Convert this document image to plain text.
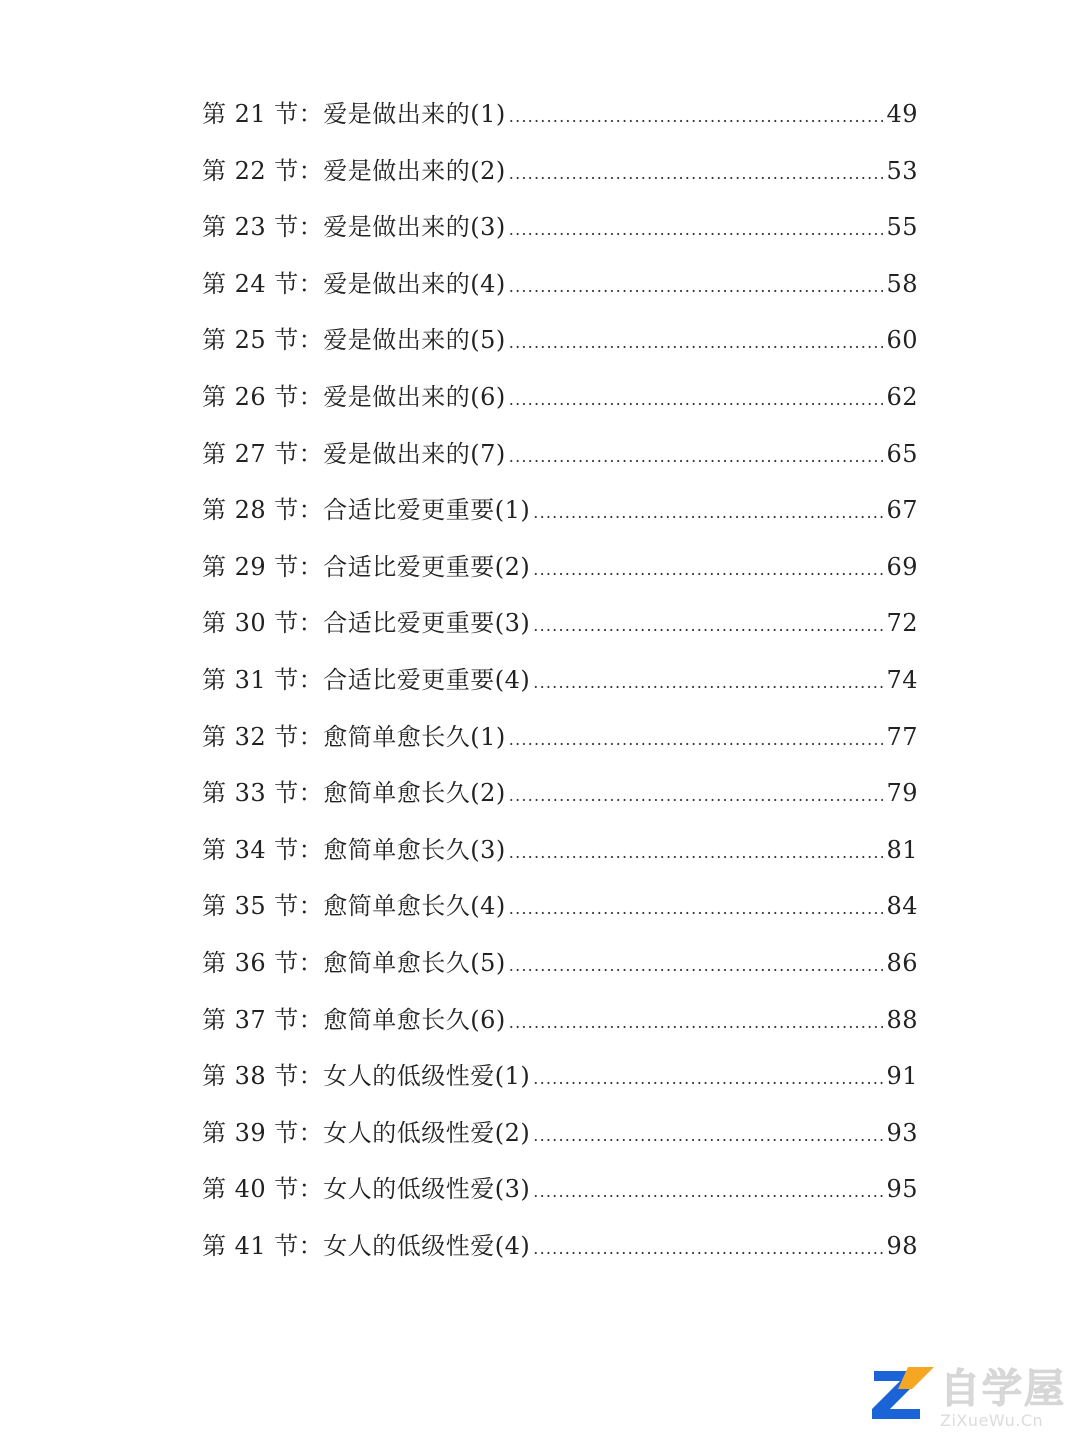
第 21 节： 爱是做出来的(1) .....	49
第 22 节： 爱是做出来的(2) .....	53
第 23 节： 爱是做出来的(3) .....	55
第 24 节： 爱是做出来的(4) .....	58
第 25 节： 爱是做出来的(5) .....	60
第 26 节： 爱是做出来的(6) .....	62
第 27 节： 爱是做出来的(7) .....	65
第 28 节： 合适比爱更重要(1) .....	67
第 29 节： 合适比爱更重要(2) .....	69
第 30 节： 合适比爱更重要(3) .....	72
第 31 节： 合适比爱更重要(4) .....	74
第 32 节： 愈简单愈长久(1) .....	77
第 33 节： 愈简单愈长久(2) .....	79
第 34 节： 愈简单愈长久(3) .....	81
第 35 节： 愈简单愈长久(4) .....	84
第 36 节： 愈简单愈长久(5) .....	86
第 37 节： 愈简单愈长久(6) .....	88
第 38 节： 女人的低级性爱(1) .....	91
第 39 节： 女人的低级性爱(2) .....	93
第 40 节： 女人的低级性爱(3) .....	95
第 41 节： 女人的低级性爱(4) .....	98
自学屋
ZiXueWu.Cn
